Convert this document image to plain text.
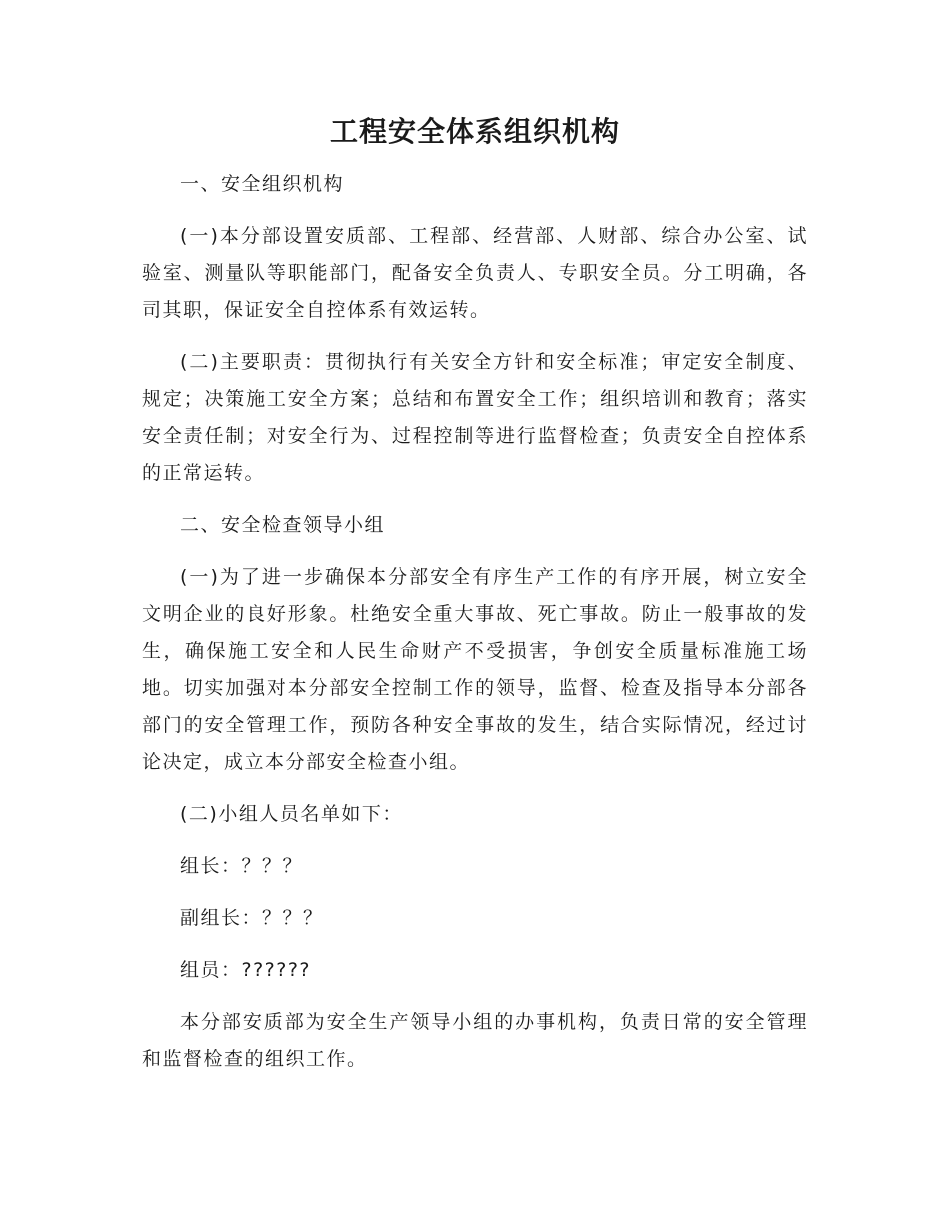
工程安全体系组织机构

一、安全组织机构

(一)本分部设置安质部、工程部、经营部、人财部、综合办公室、试验室、测量队等职能部门，配备安全负责人、专职安全员。分工明确，各司其职，保证安全自控体系有效运转。

(二)主要职责：贯彻执行有关安全方针和安全标准；审定安全制度、规定；决策施工安全方案；总结和布置安全工作；组织培训和教育；落实安全责任制；对安全行为、过程控制等进行监督检查；负责安全自控体系的正常运转。

二、安全检查领导小组

(一)为了进一步确保本分部安全有序生产工作的有序开展，树立安全文明企业的良好形象。杜绝安全重大事故、死亡事故。防止一般事故的发生，确保施工安全和人民生命财产不受损害，争创安全质量标准施工场地。切实加强对本分部安全控制工作的领导，监督、检查及指导本分部各部门的安全管理工作，预防各种安全事故的发生，结合实际情况，经过讨论决定，成立本分部安全检查小组。

(二)小组人员名单如下：

组长：？？？

副组长：？？？

组员：??????

本分部安质部为安全生产领导小组的办事机构，负责日常的安全管理和监督检查的组织工作。
